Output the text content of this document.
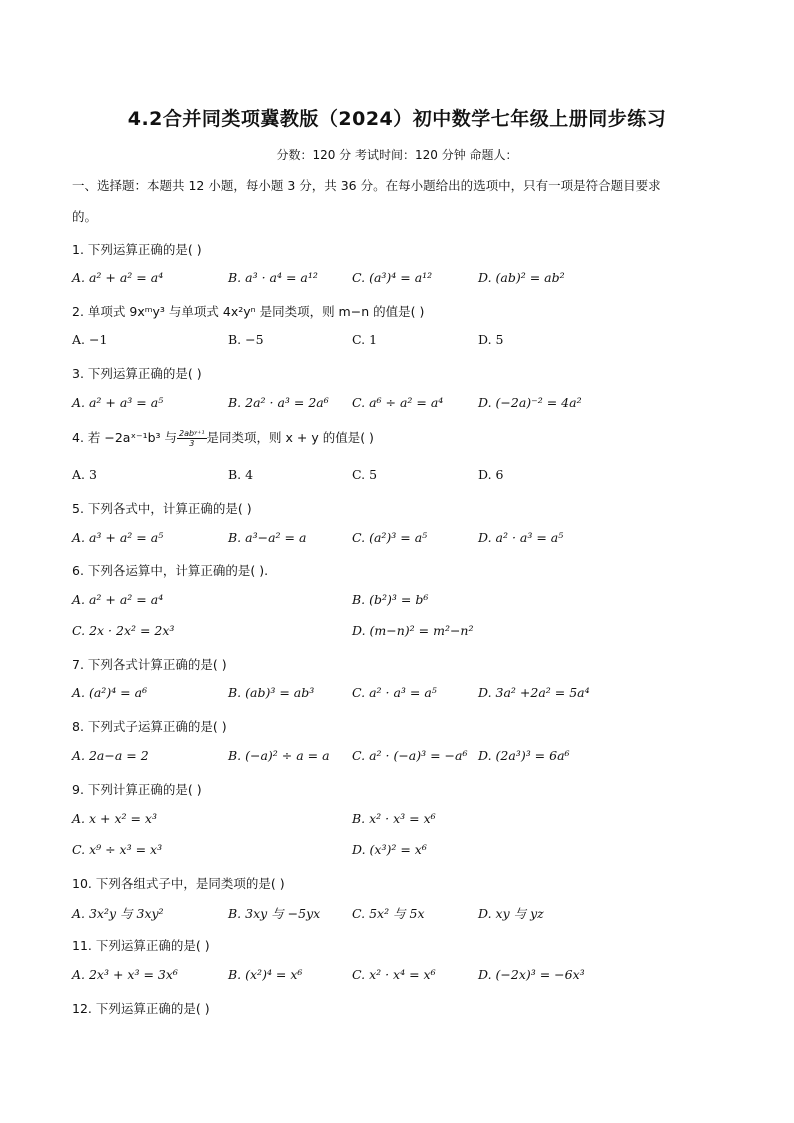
4.2合并同类项冀教版（2024）初中数学七年级上册同步练习
分数：120 分 考试时间：120 分钟 命题人：
一、选择题：本题共 12 小题，每小题 3 分，共 36 分。在每小题给出的选项中，只有一项是符合题目要求
的。
1. 下列运算正确的是( )
A. a² + a² = a⁴	B. a³ · a⁴ = a¹²	C. (a³)⁴ = a¹²	D. (ab)² = ab²
2. 单项式 9xᵐy³ 与单项式 4x²yⁿ 是同类项，则 m−n 的值是( )
A. −1	B. −5	C. 1	D. 5
3. 下列运算正确的是( )
A. a² + a³ = a⁵	B. 2a² · a³ = 2a⁶ C. a⁶ ÷ a² = a⁴	D. (−2a)⁻² = 4a²
4. 若 −2aˣ⁻¹b³ 与 $\frac{\text{2abʸ⁺¹}}{3}$ 是同类项，则 x + y 的值是( )
A. 3	B. 4	C. 5	D. 6
5. 下列各式中，计算正确的是( )
A. a³ + a² = a⁵	B. a³−a² = a	C. (a²)³ = a⁵	D. a² · a³ = a⁵
6. 下列各运算中，计算正确的是( ).
A. a² + a² = a⁴	B. (b²)³ = b⁶
C. 2x · 2x² = 2x³	D. (m−n)² = m²−n²
7. 下列各式计算正确的是( )
A. (a²)⁴ = a⁶	B. (ab)³ = ab³	C. a² · a³ = a⁵	D. 3a² +2a² = 5a⁴
8. 下列式子运算正确的是( )
A. 2a−a = 2	B. (−a)² ÷ a = a C. a² · (−a)³ = −a⁶ D. (2a³)³ = 6a⁶
9. 下列计算正确的是( )
A. x + x² = x³	B. x² · x³ = x⁶
C. x⁹ ÷ x³ = x³	D. (x³)² = x⁶
10. 下列各组式子中，是同类项的是( )
A. 3x²y 与 3xy²	B. 3xy 与 −5yx	C. 5x² 与 5x	D. xy 与 yz
11. 下列运算正确的是( )
A. 2x³ + x³ = 3x⁶	B. (x²)⁴ = x⁶	C. x² · x⁴ = x⁶	D. (−2x)³ = −6x³
12. 下列运算正确的是( )
